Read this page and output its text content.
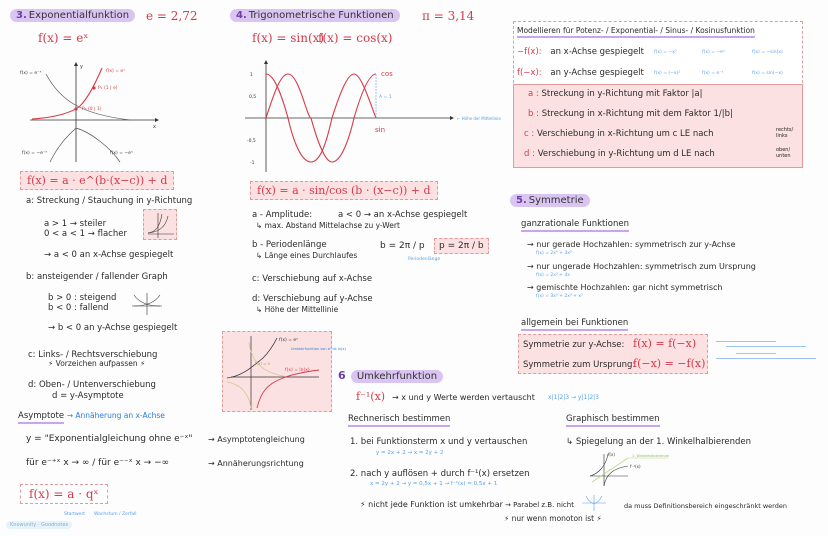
3. Exponentialfunktion	e = 2,72
f(x) = eˣ
f(x) = eˣ
P₁ (1 | e)
P₀ (0 | 1)
f(x) = e⁻ˣ
f(x) = −e⁻ˣ	f(x) = −eˣ
x
y
f(x) = a · e^(b·(x−c)) + d
a: Streckung / Stauchung in y-Richtung
a > 1 → steiler
0 < a < 1 → flacher
→ a < 0 an x-Achse gespiegelt
b: ansteigender / fallender Graph
b > 0 : steigend
b < 0 : fallend
→ b < 0 an y-Achse gespiegelt
c: Links- / Rechtsverschiebung
⚡ Vorzeichen aufpassen ⚡
d: Oben- / Untenverschiebung
d = y-Asymptote
Asymptote → Annäherung an x-Achse
y = "Exponentialgleichung ohne e⁻ˣ" → Asymptotengleichung
für e⁻⁺ˣ x → ∞ / für e⁻⁻ˣ x → −∞	→ Annäherungsrichtung
f(x) = a · qˣ
Startwert Wachstum / Zerfall
Knowunity · Goodnotes
4. Trigonometrische Funktionen	π = 3,14
f(x) = sin(x)
f(x) = cos(x)
cos
sin
A = 1
← Höhe der Mittellinie
1
0,5
-0,5
-1
f(x) = a · sin/cos (b · (x−c)) + d
a - Amplitude:	a < 0 → an x-Achse gespiegelt
↳ max. Abstand Mittelachse zu y-Wert
b - Periodenlänge
↳ Länge eines Durchlaufes
b = 2π / p	p = 2π / b
Periodenlänge
c: Verschiebung auf x-Achse
d: Verschiebung auf y-Achse
↳ Höhe der Mittellinie
f(x) = eˣ
f(x) = ln(x)
f(x) = x
Umkehrfunktion von eˣ ist ln(x)
Modellieren für Potenz- / Exponential- / Sinus- / Kosinusfunktion
−f(x): an x-Achse gespiegelt f(x) = −x²	f(x) = −eˣ	f(x) = −sin(x)
f(−x): an y-Achse gespiegelt f(x) = (−x)²	f(x) = e⁻ˣ	f(x) = sin(−x)
a : Streckung in y-Richtung mit Faktor |a|
b : Streckung in x-Richtung mit dem Faktor 1/|b|
c : Verschiebung in x-Richtung um c LE nach	rechts/ links
d : Verschiebung in y-Richtung um d LE nach	oben/ unten
5. Symmetrie
ganzrationale Funktionen
→ nur gerade Hochzahlen: symmetrisch zur y-Achse
f(x) = 2x⁴ + 3x²
→ nur ungerade Hochzahlen: symmetrisch zum Ursprung
f(x) = 2x³ + 4x
→ gemischte Hochzahlen: gar nicht symmetrisch
f(x) = 3x⁴ + 2x³ + x²
allgemein bei Funktionen
Symmetrie zur y-Achse: f(x) = f(−x)
Symmetrie zum Ursprung:
f(−x) = −f(x)
6 Umkehrfunktion
f⁻¹(x) → x und y Werte werden vertauscht x|1|2|3 → y|1|2|3
Rechnerisch bestimmen
1. bei Funktionsterm x und y vertauschen
y = 2x + 2 → x = 2y + 2
2. nach y auflösen + durch f⁻¹(x) ersetzen
x = 2y + 2 → y = 0,5x + 1 → f⁻¹(x) = 0,5x + 1
⚡ nicht jede Funktion ist umkehrbar → Parabel z.B. nicht	da muss Definitionsbereich eingeschränkt werden
⚡ nur wenn monoton ist ⚡
Graphisch bestimmen
↳ Spiegelung an der 1. Winkelhalbierenden
f(x)
f⁻¹(x)
1. Winkelhalbierende
